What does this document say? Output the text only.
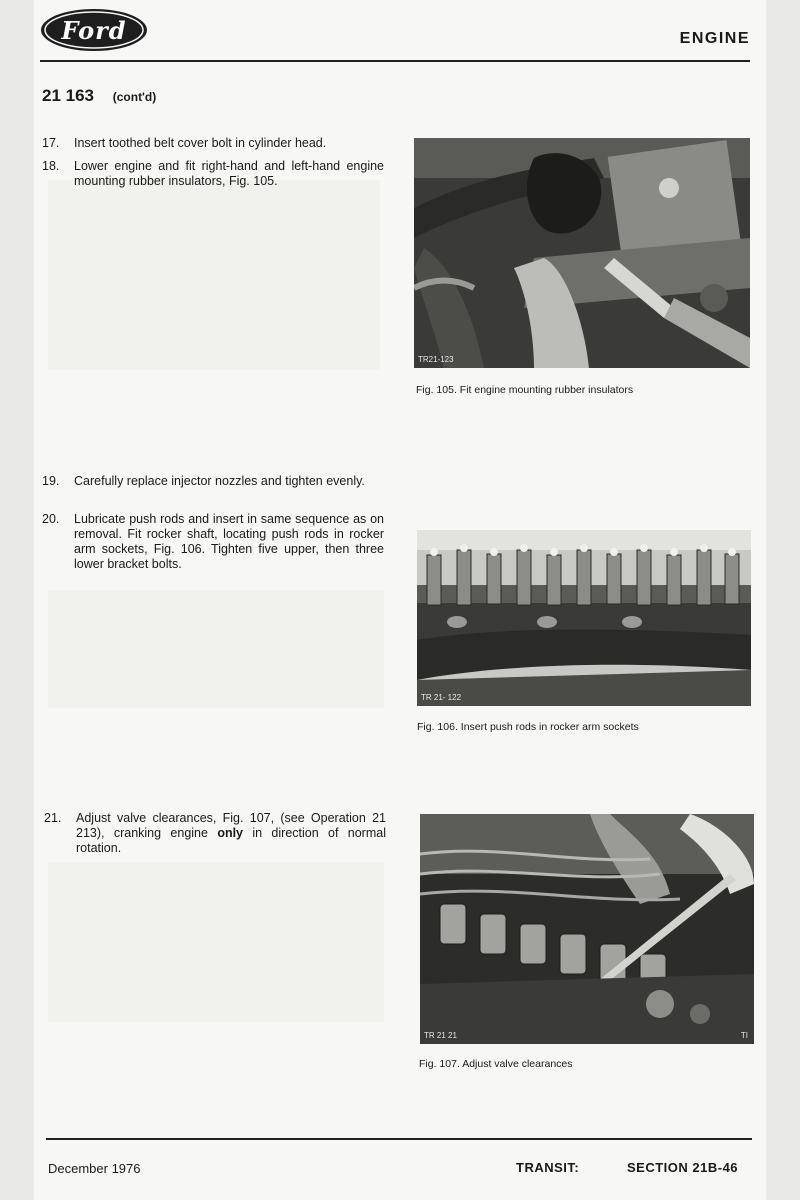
Ford	ENGINE
21 163 (cont'd)
17.	Insert toothed belt cover bolt in cylinder head.
18.	Lower engine and fit right-hand and left-hand engine mounting rubber insulators, Fig. 105.
19.	Carefully replace injector nozzles and tighten evenly.
20.	Lubricate push rods and insert in same sequence as on removal. Fit rocker shaft, locating push rods in rocker arm sockets, Fig. 106. Tighten five upper, then three lower bracket bolts.
21.	Adjust valve clearances, Fig. 107, (see Operation 21 213), cranking engine only in direction of normal rotation.
TR21-123
Fig. 105. Fit engine mounting rubber insulators
TR 21- 122
Fig. 106. Insert push rods in rocker arm sockets
TR 21 21	TI
Fig. 107. Adjust valve clearances
December 1976	TRANSIT:	SECTION 21B-46
